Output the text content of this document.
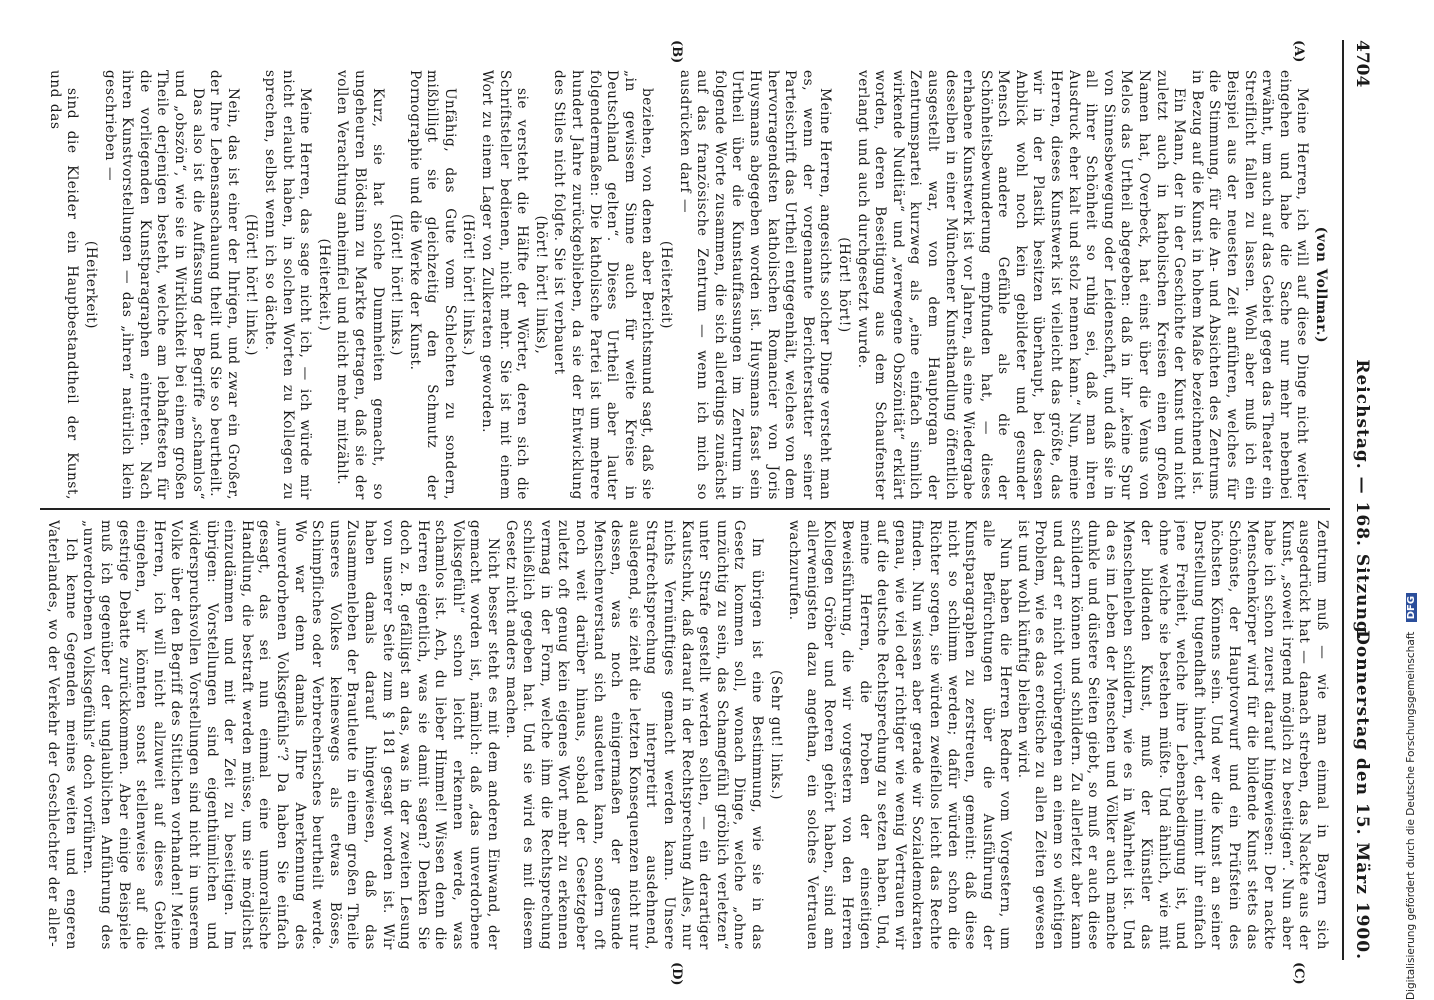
4704
Reichstag. — 168. Sitzung.
Donnerstag den 15. März 1900.
(A)
(B)
(C)
(D)
(von Vollmar.)

Meine Herren, ich will auf diese Dinge nicht weiter eingehen und habe die Sache nur mehr nebenbei erwähnt, um auch auf das Gebiet gegen das Theater ein Streiflicht fallen zu lassen. Wohl aber muß ich ein Beispiel aus der neuesten Zeit anführen, welches für die Stimmung, für die An- und Absichten des Zentrums in Bezug auf die Kunst in hohem Maße bezeichnend ist.

Ein Mann, der in der Geschichte der Kunst und nicht zuletzt auch in katholischen Kreisen einen großen Namen hat, Overbeck, hat einst über die Venus von Melos das Urtheil abgegeben: daß in ihr „keine Spur von Sinnesbewegung oder Leidenschaft, und daß sie in all ihrer Schönheit so ruhig sei, daß man ihren Ausdruck eher kalt und stolz nennen kann.“ Nun, meine Herren, dieses Kunstwerk ist vielleicht das größte, das wir in der Plastik besitzen überhaupt, bei dessen Anblick wohl noch kein gebildeter und gesunder Mensch andere Gefühle als die der Schönheitsbewunderung empfunden hat, — dieses erhabene Kunstwerk ist vor Jahren, als eine Wiedergabe desselben in einer Münchener Kunsthandlung öffentlich ausgestellt war, von dem Hauptorgan der Zentrumspartei kurzweg als „eine einfach sinnlich wirkende Nuditär“ und „verwegene Obszönität“ erklärt worden, deren Beseitigung aus dem Schaufenster verlangt und auch durchgesetzt wurde.

(Hört! hört!)

Meine Herren, angesichts solcher Dinge versteht man es, wenn der vorgenannte Berichterstatter seiner Parteischrift das Urtheil entgegenhält, welches von dem hervorragendsten katholischen Romancier von Joris Huysmans abgegeben worden ist. Huysmans fasst sein Urtheil über die Kunstauffassungen im Zentrum in folgende Worte zusammen, die sich allerdings zunächst auf das französische Zentrum — wenn ich mich so ausdrücken darf —

(Heiterkeit)

beziehen, von denen aber Berichtsmund sagt, daß sie „in gewissem Sinne auch für weite Kreise in Deutschland gelten“. Dieses Urtheil aber lauter folgendermaßen: Die katholische Partei ist um mehrere hundert Jahre zurückgeblieben, da sie der Entwicklung des Stiles nicht folgte. Sie ist verbauert

(hört! hört! links),

sie versteht die Hälfte der Wörter, deren sich die Schriftsteller bedienen, nicht mehr. Sie ist mit einem Wort zu einem Lager von Zulkeraten geworden.

(Hört! hört! links.)

Unfähig, das Gute vom Schlechten zu sondern, mißbilligt sie gleichzeitig den Schmutz der Pornographie und die Werke der Kunst.

(Hört! hört! links.)

Kurz, sie hat solche Dummheiten gemacht, so ungeheuren Blödsinn zu Markte getragen, daß sie der vollen Verachtung anheimfiel und nicht mehr mitzählt.

(Heiterkeit.)

Meine Herren, das sage nicht ich, — ich würde mir nicht erlaubt haben, in solchen Worten zu Kollegen zu sprechen, selbst wenn ich so dächte.

(Hört! hört! links.)

Nein, das ist einer der Ihrigen, und zwar ein Großer, der Ihre Lebensanschauung theilt und Sie so beurtheilt.

Das also ist die Auffassung der Begriffe „schamlos“ und „obszön“, wie sie in Wirklichkeit bei einem großen Theile derjenigen besteht, welche am lebhaftesten für die vorliegenden Kunstparagraphen eintreten. Nach ihren Kunstvorstellungen — das „ihren“ natürlich klein geschrieben —

(Heiterkeit)

sind die Kleider ein Hauptbestandtheil der Kunst, und das

Zentrum muß — wie man einmal in Bayern sich ausgedrückt hat — danach streben, das Nackte aus der Kunst, „soweit irgend möglich zu beseitigen“. Nun aber habe ich schon zuerst darauf hingewiesen: Der nackte Menschenkörper wird für die bildende Kunst stets das Schönste, der Hauptvorwurf und ein Prüfstein des höchsten Könnens sein. Und wer die Kunst an seiner Darstellung tugendhaft hindert, der nimmt ihr einfach jene Freiheit, welche ihre Lebensbedingung ist, und ohne welche sie bestehen müßte. Und ähnlich, wie mit der bildenden Kunst, muß der Künstler das Menschenleben schildern, wie es in Wahrheit ist. Und da es im Leben der Menschen und Völker auch manche dunkle und düstere Seiten giebt, so muß er auch diese schildern können und schildern. Zu allerletzt aber kann und darf er nicht vorübergehen an einem so wichtigen Problem, wie es das erotische zu allen Zeiten gewesen ist und wohl künftig bleiben wird.

Nun haben die Herren Redner vom Vorgestern, um alle Befürchtungen über die Ausführung der Kunstparagraphen zu zerstreuen, gemeint: daß diese nicht so schlimm werden; dafür würden schon die Richter sorgen, sie würden zweifellos leicht das Rechte finden. Nun wissen aber gerade wir Sozialdemokraten genau, wie viel oder richtiger wie wenig Vertrauen wir auf die deutsche Rechtsprechung zu setzen haben. Und, meine Herren, die Proben der einseitigen Beweisführung, die wir vorgestern von den Herren Kollegen Gröber und Roeren gehört haben, sind am allerwenigsten dazu angethan, ein solches Vertrauen wachzurufen.

(Sehr gut! links.)

Im übrigen ist eine Bestimmung, wie sie in das Gesetz kommen soll, wonach Dinge, welche „ohne unzüchtig zu sein, das Schamgefühl gröblich verletzen“ unter Strafe gestellt werden sollen, — ein derartiger Kautschuk, daß darauf in der Rechtsprechung Alles, nur nichts Vernünftiges gemacht werden kann. Unsere Strafrechtsprechung interpretirt ausdehnend, auslegend, sie zieht die letzten Konsequenzen nicht nur dessen, was noch einigermaßen der gesunde Menschenverstand sich ausdeuten kann, sondern oft noch weit darüber hinaus, sobald der Gesetzgeber zuletzt oft genug kein eigenes Wort mehr zu erkennen vermag in der Form, welche ihm die Rechtsprechung schließlich gegeben hat. Und sie wird es mit diesem Gesetz nicht anders machen.

Nicht besser steht es mit dem anderen Einwand, der gemacht worden ist, nämlich: daß „das unverdorbene Volksgefühl“ schon leicht erkennen werde, was schamlos ist. Ach, du lieber Himmel! Wissen denn die Herren eigentlich, was sie damit sagen? Denken Sie doch z. B. gefälligst an das, was in der zweiten Lesung von unserer Seite zum § 181 gesagt worden ist. Wir haben damals darauf hingewiesen, daß das Zusammenleben der Brautleute in einem großen Theile unseres Volkes keineswegs als etwas Böses, Schimpfliches oder Verbrecherisches beurtheilt werde. Wo war denn damals Ihre Anerkennung des „unverdorbenen Volksgefühls“? Da haben Sie einfach gesagt, das sei nun einmal eine unmoralische Handlung, die bestraft werden müsse, um sie möglichst einzudämmen und mit der Zeit zu beseitigen. Im übrigen: Vorstellungen sind eigenthümlichen und widerspruchsvollen Vorstellungen sind nicht in unserem Volke über den Begriff des Sittlichen vorhanden! Meine Herren, ich will nicht allzuweit auf dieses Gebiet eingehen, wir könnten sonst stellenweise auf die gestrige Debatte zurückkommen. Aber einige Beispiele muß ich gegenüber der unglaublichen Anführung des „unverdorbenen Volksgefühls“ doch vorführen.

Ich kenne Gegenden meines weiten und engeren Vaterlandes, wo der Verkehr der Geschlechter der aller-	Digitalisierung gefördert durch die Deutsche Forschungsgemeinschaft DFG
